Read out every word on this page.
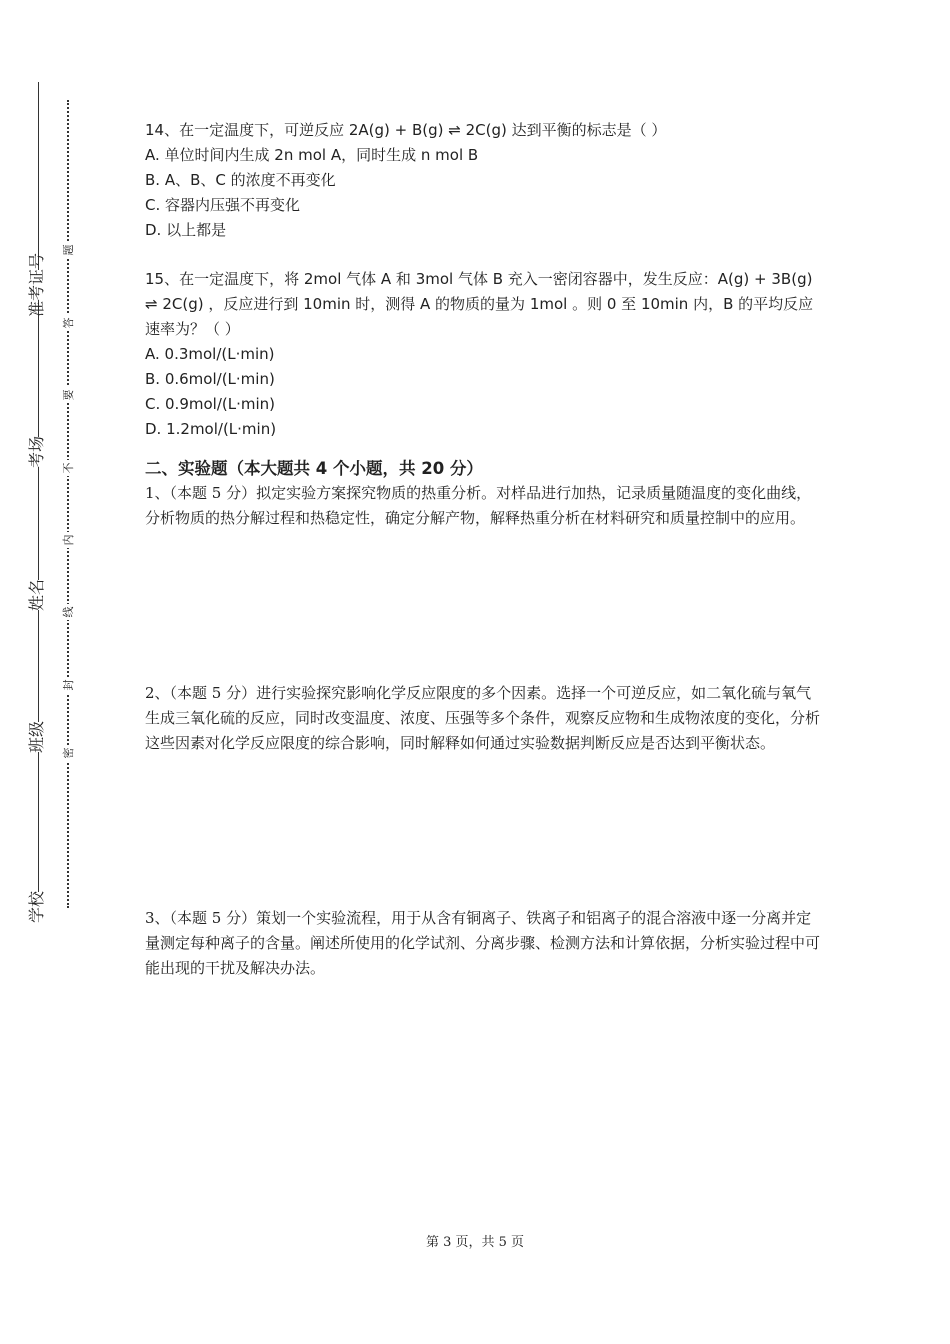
准考证号
考场
姓名
班级
学校
题
答
要
不
内
线
封
密

14、在一定温度下，可逆反应 2A(g) + B(g) ⇌ 2C(g) 达到平衡的标志是（ ）

A. 单位时间内生成 2n mol A，同时生成 n mol B

B. A、B、C 的浓度不再变化

C. 容器内压强不再变化

D. 以上都是

15、在一定温度下，将 2mol 气体 A 和 3mol 气体 B 充入一密闭容器中，发生反应：A(g) + 3B(g) ⇌ 2C(g) ，反应进行到 10min 时，测得 A 的物质的量为 1mol 。则 0 至 10min 内，B 的平均反应速率为？（ ）

A. 0.3mol/(L·min)

B. 0.6mol/(L·min)

C. 0.9mol/(L·min)

D. 1.2mol/(L·min)

二、实验题（本大题共 4 个小题，共 20 分）

1、（本题 5 分）拟定实验方案探究物质的热重分析。对样品进行加热，记录质量随温度的变化曲线，分析物质的热分解过程和热稳定性，确定分解产物，解释热重分析在材料研究和质量控制中的应用。

2、（本题 5 分）进行实验探究影响化学反应限度的多个因素。选择一个可逆反应，如二氧化硫与氧气生成三氧化硫的反应，同时改变温度、浓度、压强等多个条件，观察反应物和生成物浓度的变化，分析这些因素对化学反应限度的综合影响，同时解释如何通过实验数据判断反应是否达到平衡状态。

3、（本题 5 分）策划一个实验流程，用于从含有铜离子、铁离子和铝离子的混合溶液中逐一分离并定量测定每种离子的含量。阐述所使用的化学试剂、分离步骤、检测方法和计算依据，分析实验过程中可能出现的干扰及解决办法。

第 3 页，共 5 页
